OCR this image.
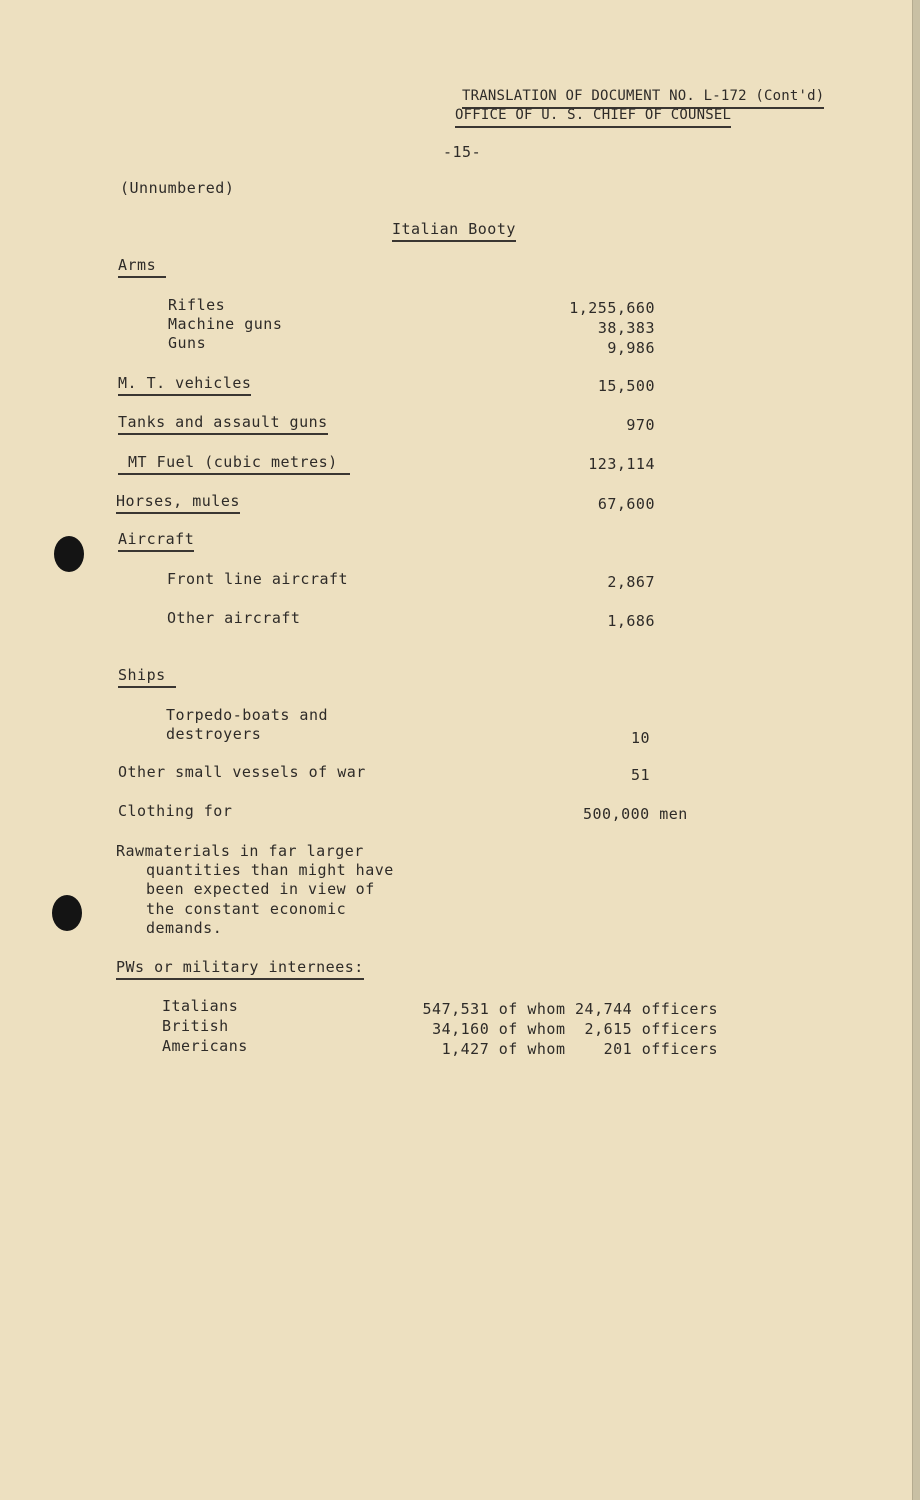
TRANSLATION OF DOCUMENT NO. L-172 (Cont'd)
OFFICE OF U. S. CHIEF OF COUNSEL
-15-
(Unnumbered)
Italian Booty
Arms
Rifles	1,255,660
Machine guns	38,383
Guns	9,986
M. T. vehicles	15,500
Tanks and assault guns	970
MT Fuel (cubic metres)	123,114
Horses, mules	67,600
Aircraft
Front line aircraft	2,867
Other aircraft	1,686
Ships
Torpedo-boats and
destroyers	10
Other small vessels of war	51
Clothing for	500,000 men
Rawmaterials in far larger
quantities than might have
been expected in view of
the constant economic
demands.
PWs or military internees:
Italians	547,531 of whom 24,744 officers
British	34,160 of whom  2,615 officers
Americans	1,427 of whom    201 officers
